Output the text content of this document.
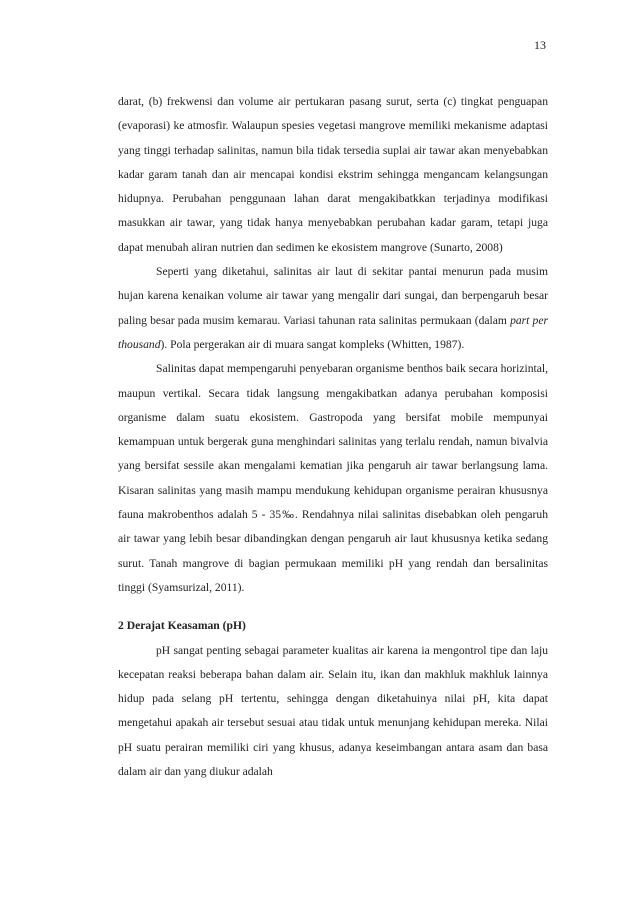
13

darat, (b) frekwensi dan volume air pertukaran pasang surut, serta (c) tingkat penguapan (evaporasi) ke atmosfir. Walaupun spesies vegetasi mangrove memiliki mekanisme adaptasi yang tinggi terhadap salinitas, namun bila tidak tersedia suplai air tawar akan menyebabkan kadar garam tanah dan air mencapai kondisi ekstrim sehingga mengancam kelangsungan hidupnya. Perubahan penggunaan lahan darat mengakibatkkan terjadinya modifikasi masukkan air tawar, yang tidak hanya menyebabkan perubahan kadar garam, tetapi juga dapat menubah aliran nutrien dan sedimen ke ekosistem mangrove (Sunarto, 2008)

Seperti yang diketahui, salinitas air laut di sekitar pantai menurun pada musim hujan karena kenaikan volume air tawar yang mengalir dari sungai, dan berpengaruh besar paling besar pada musim kemarau. Variasi tahunan rata salinitas permukaan (dalam part per thousand). Pola pergerakan air di muara sangat kompleks (Whitten, 1987).

Salinitas dapat mempengaruhi penyebaran organisme benthos baik secara horizintal, maupun vertikal. Secara tidak langsung mengakibatkan adanya perubahan komposisi organisme dalam suatu ekosistem. Gastropoda yang bersifat mobile mempunyai kemampuan untuk bergerak guna menghindari salinitas yang terlalu rendah, namun bivalvia yang bersifat sessile akan mengalami kematian jika pengaruh air tawar berlangsung lama. Kisaran salinitas yang masih mampu mendukung kehidupan organisme perairan khususnya fauna makrobenthos adalah 5 - 35‰. Rendahnya nilai salinitas disebabkan oleh pengaruh air tawar yang lebih besar dibandingkan dengan pengaruh air laut khususnya ketika sedang surut. Tanah mangrove di bagian permukaan memiliki pH yang rendah dan bersalinitas tinggi (Syamsurizal, 2011).

2 Derajat Keasaman (pH)

pH sangat penting sebagai parameter kualitas air karena ia mengontrol tipe dan laju kecepatan reaksi beberapa bahan dalam air. Selain itu, ikan dan makhluk makhluk lainnya hidup pada selang pH tertentu, sehingga dengan diketahuinya nilai pH, kita dapat mengetahui apakah air tersebut sesuai atau tidak untuk menunjang kehidupan mereka. Nilai pH suatu perairan memiliki ciri yang khusus, adanya keseimbangan antara asam dan basa dalam air dan yang diukur adalah
